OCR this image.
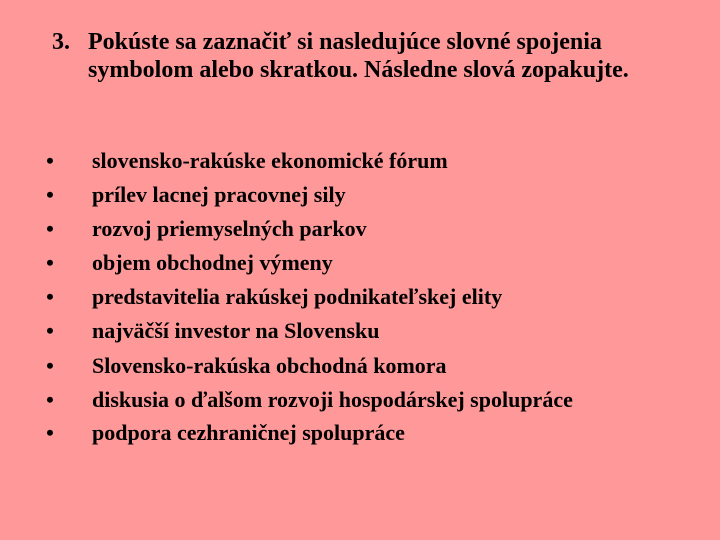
3. Pokúste sa zaznačiť si nasledujúce slovné spojenia symbolom alebo skratkou. Následne slová zopakujte.
• slovensko-rakúske ekonomické fórum
• prílev lacnej pracovnej sily
• rozvoj priemyselných parkov
• objem obchodnej výmeny
• predstavitelia rakúskej podnikateľskej elity
• najväčší investor na Slovensku
• Slovensko-rakúska obchodná komora
• diskusia o ďalšom rozvoji hospodárskej spolupráce
• podpora cezhraničnej spolupráce
